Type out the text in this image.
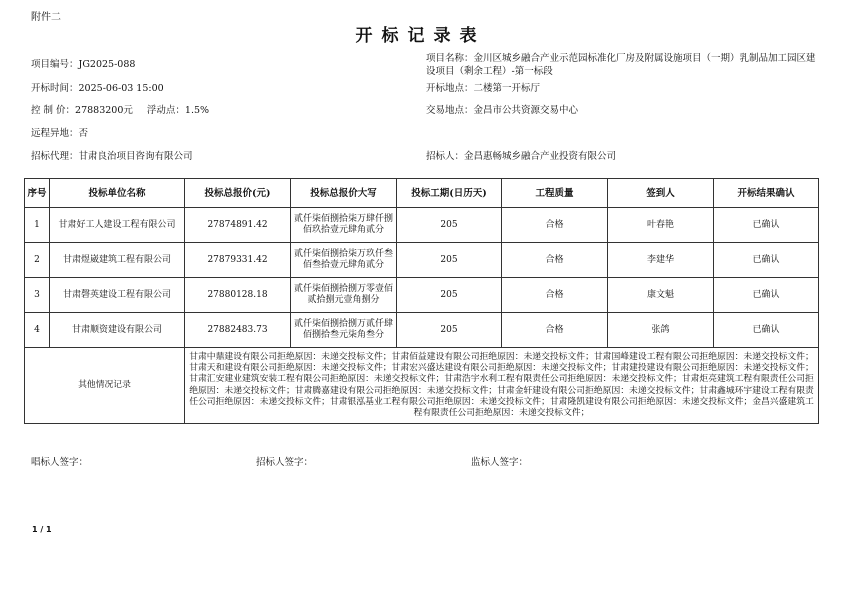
附件二
开标记录表
项目编号：JG2025-088
开标时间：2025-06-03 15:00
控 制 价：27883200元 浮动点：1.5%
远程异地：否
招标代理：甘肃良治项目咨询有限公司
项目名称：金川区城乡融合产业示范园标准化厂房及附属设施项目（一期）乳制品加工园区建设项目（剩余工程）-第一标段
开标地点：二楼第一开标厅
交易地点：金昌市公共资源交易中心
招标人：金昌惠畅城乡融合产业投资有限公司
序号	投标单位名称	投标总报价(元)	投标总报价大写	投标工期(日历天)	工程质量	签到人	开标结果确认
1	甘肃好工人建设工程有限公司	27874891.42	贰仟柒佰捌拾柒万肆仟捌佰玖拾壹元肆角贰分	205	合格	叶春艳	已确认
2	甘肃煜崴建筑工程有限公司	27879331.42	贰仟柒佰捌拾柒万玖仟叁佰叁拾壹元肆角贰分	205	合格	李建华	已确认
3	甘肃磬英建设工程有限公司	27880128.18	贰仟柒佰捌拾捌万零壹佰贰拾捌元壹角捌分	205	合格	康文魁	已确认
4	甘肃顺资建设有限公司	27882483.73	贰仟柒佰捌拾捌万贰仟肆佰捌拾叁元柒角叁分	205	合格	张鸽	已确认
其他情况记录		甘肃中鼎建设有限公司拒绝原因：未递交投标文件；甘肃佰益建设有限公司拒绝原因：未递交投标文件；甘肃国峰建设工程有限公司拒绝原因：未递交投标文件；甘肃天和建设有限公司拒绝原因：未递交投标文件；甘肃宏兴盛达建设有限公司拒绝原因：未递交投标文件；甘肃建投建设有限公司拒绝原因：未递交投标文件；甘肃汇安建业建筑安装工程有限公司拒绝原因：未递交投标文件；甘肃浩宇水利工程有限责任公司拒绝原因：未递交投标文件；甘肃炬亮建筑工程有限责任公司拒绝原因：未递交投标文件；甘肃腾嘉建设有限公司拒绝原因：未递交投标文件；甘肃金轩建设有限公司拒绝原因：未递交投标文件；甘肃鑫城环宇建设工程有限责任公司拒绝原因：未递交投标文件；甘肃银泓基业工程有限公司拒绝原因：未递交投标文件；甘肃隆凯建设有限公司拒绝原因：未递交投标文件；金昌兴盛建筑工程有限责任公司拒绝原因：未递交投标文件；					
唱标人签字：	招标人签字：	监标人签字：
1 / 1
